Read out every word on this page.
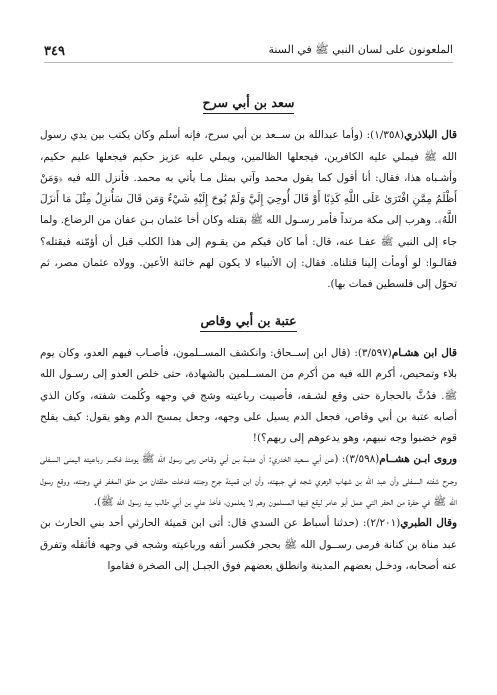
الملعونون على لسان النبي ﷺ في السنة
٣٤٩
سعد بن أبي سرح

قال البلاذري(١/٣٥٨): (وأما عبدالله بن ســعد بن أبي سرح، فإنه أسلم وكان يكتب بين يدي رسول الله ﷺ فيملي عليه الكافرين، فيجعلها الظالمين، ويملي عليه عزيز حكيم فيجعلها عليم حكيم، وأشـباه هذا، فقال: أنا أقول كما يقول محمد وآتي بمثل مـا يأتي به محمد. فأنزل الله فيه ﴿وَمَنْ أَظْلَمُ مِمَّنِ افْتَرَىٰ عَلَى اللَّهِ كَذِبًا أَوْ قَالَ أُوحِيَ إِلَيَّ وَلَمْ يُوحَ إِلَيْهِ شَيْءٌ وَمَن قَالَ سَأُنزِلُ مِثْلَ مَا أَنزَلَ اللَّهُ﴾. وهرب إلى مكة مرتداً فأمر رسـول الله ﷺ بقتله وكان أخا عثمان بـن عفان من الرضاع. ولما جاء إلى النبي ﷺ عفـا عنه، قال: أما كان فيكم من يقـوم إلى هذا الكلب قبل أن أؤمّنه فيقتله؟ فقالـوا: لو أومأت إلينا قتلناه. فقال: إن الأنبياء لا يكون لهم خائنة الأعين. وولاه عثمان مصر، ثم تحوّل إلى فلسطين فمات بها).

عتبة بن أبي وقاص

قال ابن هشـام(٣/٥٩٧): (قال ابن إســحاق: وانكشف المســلمون، فأصـاب فيهم العدو، وكان يوم بلاء وتمحيص، أكرم الله فيه من أكرم من المســلمين بالشهادة، حتى خلص العدو إلى رسـول الله ﷺ. فدُثَّ بالحجارة حتى وقع لشـقه، فأصيبت رباعيته وشج في وجهه وكُلمت شفته، وكان الذي أصابه عتبة بن أبي وقاص، فجعل الدم يسيل على وجهه، وجعل يمسح الدم وهو يقول: كيف يفلح قوم خضبوا وجه نبيهم، وهو يدعوهم إلى ربهم؟)!

وروى ابـن هشــام(٣/٥٩٨): (عـن أبي سـعيد الخدري: أن عتبـة بـن أبي وقـاص رمى رسول الله ﷺ يومئذ فكسر رباعيته اليمنى السـفلى وجـرح شفته السـفلى وأن عبد الله بن شهاب الزهري شجه في جبهته، وأن ابن قميئة جرح وجنته فدخلت حلقتان من حلق المغفر في وجنته، ووقع رسول الله ﷺ في حفرة من الحفر التي عمل أبو عامر ليقع فيها المسلمون وهم لا يعلمون، فأخذ علي بن أبي طالب بيد رسول الله ﷺ).

وقال الطبري(٢/٢٠١): (حدثنا أسباط عن السدي قال: أتى ابن قميئة الحارثي أحد بني الحارث بن عبد مناة بن كنانة فرمى رســول الله ﷺ بحجر فكسر أنفه ورباعيته وشجه في وجهه فأثقله وتفرق عنه أصحابه، ودخـل بعضهم المدينة وانطلق بعضهم فوق الجبـل إلى الصخرة فقاموا
